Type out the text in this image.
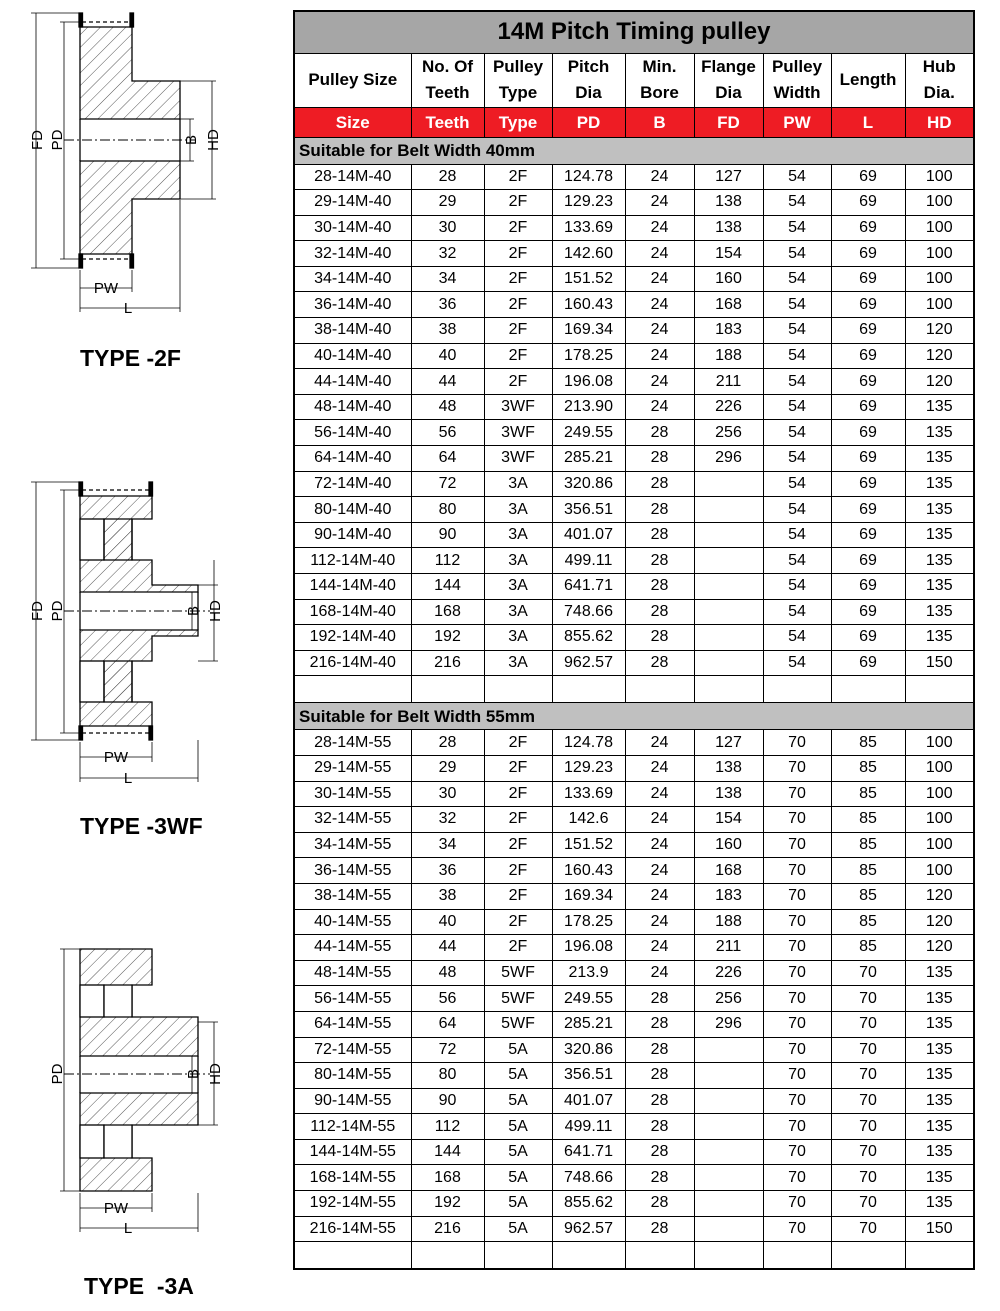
FD PD	B HD
PW
L
FD PD	B HD
PW
L
PD	B HD
PW
L
TYPE -2F
TYPE -3WF
TYPE  -3A
14M Pitch Timing pulley								
Pulley Size	No. Of Teeth	Pulley Type	Pitch Dia	Min. Bore	Flange Dia	Pulley Width	Length	Hub Dia.
Size	Teeth	Type	PD	B	FD	PW	L	HD
Suitable for Belt Width 40mm								
28-14M-40	28	2F	124.78	24	127	54	69	100
29-14M-40	29	2F	129.23	24	138	54	69	100
30-14M-40	30	2F	133.69	24	138	54	69	100
32-14M-40	32	2F	142.60	24	154	54	69	100
34-14M-40	34	2F	151.52	24	160	54	69	100
36-14M-40	36	2F	160.43	24	168	54	69	100
38-14M-40	38	2F	169.34	24	183	54	69	120
40-14M-40	40	2F	178.25	24	188	54	69	120
44-14M-40	44	2F	196.08	24	211	54	69	120
48-14M-40	48	3WF	213.90	24	226	54	69	135
56-14M-40	56	3WF	249.55	28	256	54	69	135
64-14M-40	64	3WF	285.21	28	296	54	69	135
72-14M-40	72	3A	320.86	28		54	69	135
80-14M-40	80	3A	356.51	28		54	69	135
90-14M-40	90	3A	401.07	28		54	69	135
112-14M-40	112	3A	499.11	28		54	69	135
144-14M-40	144	3A	641.71	28		54	69	135
168-14M-40	168	3A	748.66	28		54	69	135
192-14M-40	192	3A	855.62	28		54	69	135
216-14M-40	216	3A	962.57	28		54	69	150

Suitable for Belt Width 55mm								
28-14M-55	28	2F	124.78	24	127	70	85	100
29-14M-55	29	2F	129.23	24	138	70	85	100
30-14M-55	30	2F	133.69	24	138	70	85	100
32-14M-55	32	2F	142.6	24	154	70	85	100
34-14M-55	34	2F	151.52	24	160	70	85	100
36-14M-55	36	2F	160.43	24	168	70	85	100
38-14M-55	38	2F	169.34	24	183	70	85	120
40-14M-55	40	2F	178.25	24	188	70	85	120
44-14M-55	44	2F	196.08	24	211	70	85	120
48-14M-55	48	5WF	213.9	24	226	70	70	135
56-14M-55	56	5WF	249.55	28	256	70	70	135
64-14M-55	64	5WF	285.21	28	296	70	70	135
72-14M-55	72	5A	320.86	28		70	70	135
80-14M-55	80	5A	356.51	28		70	70	135
90-14M-55	90	5A	401.07	28		70	70	135
112-14M-55	112	5A	499.11	28		70	70	135
144-14M-55	144	5A	641.71	28		70	70	135
168-14M-55	168	5A	748.66	28		70	70	135
192-14M-55	192	5A	855.62	28		70	70	135
216-14M-55	216	5A	962.57	28		70	70	150
